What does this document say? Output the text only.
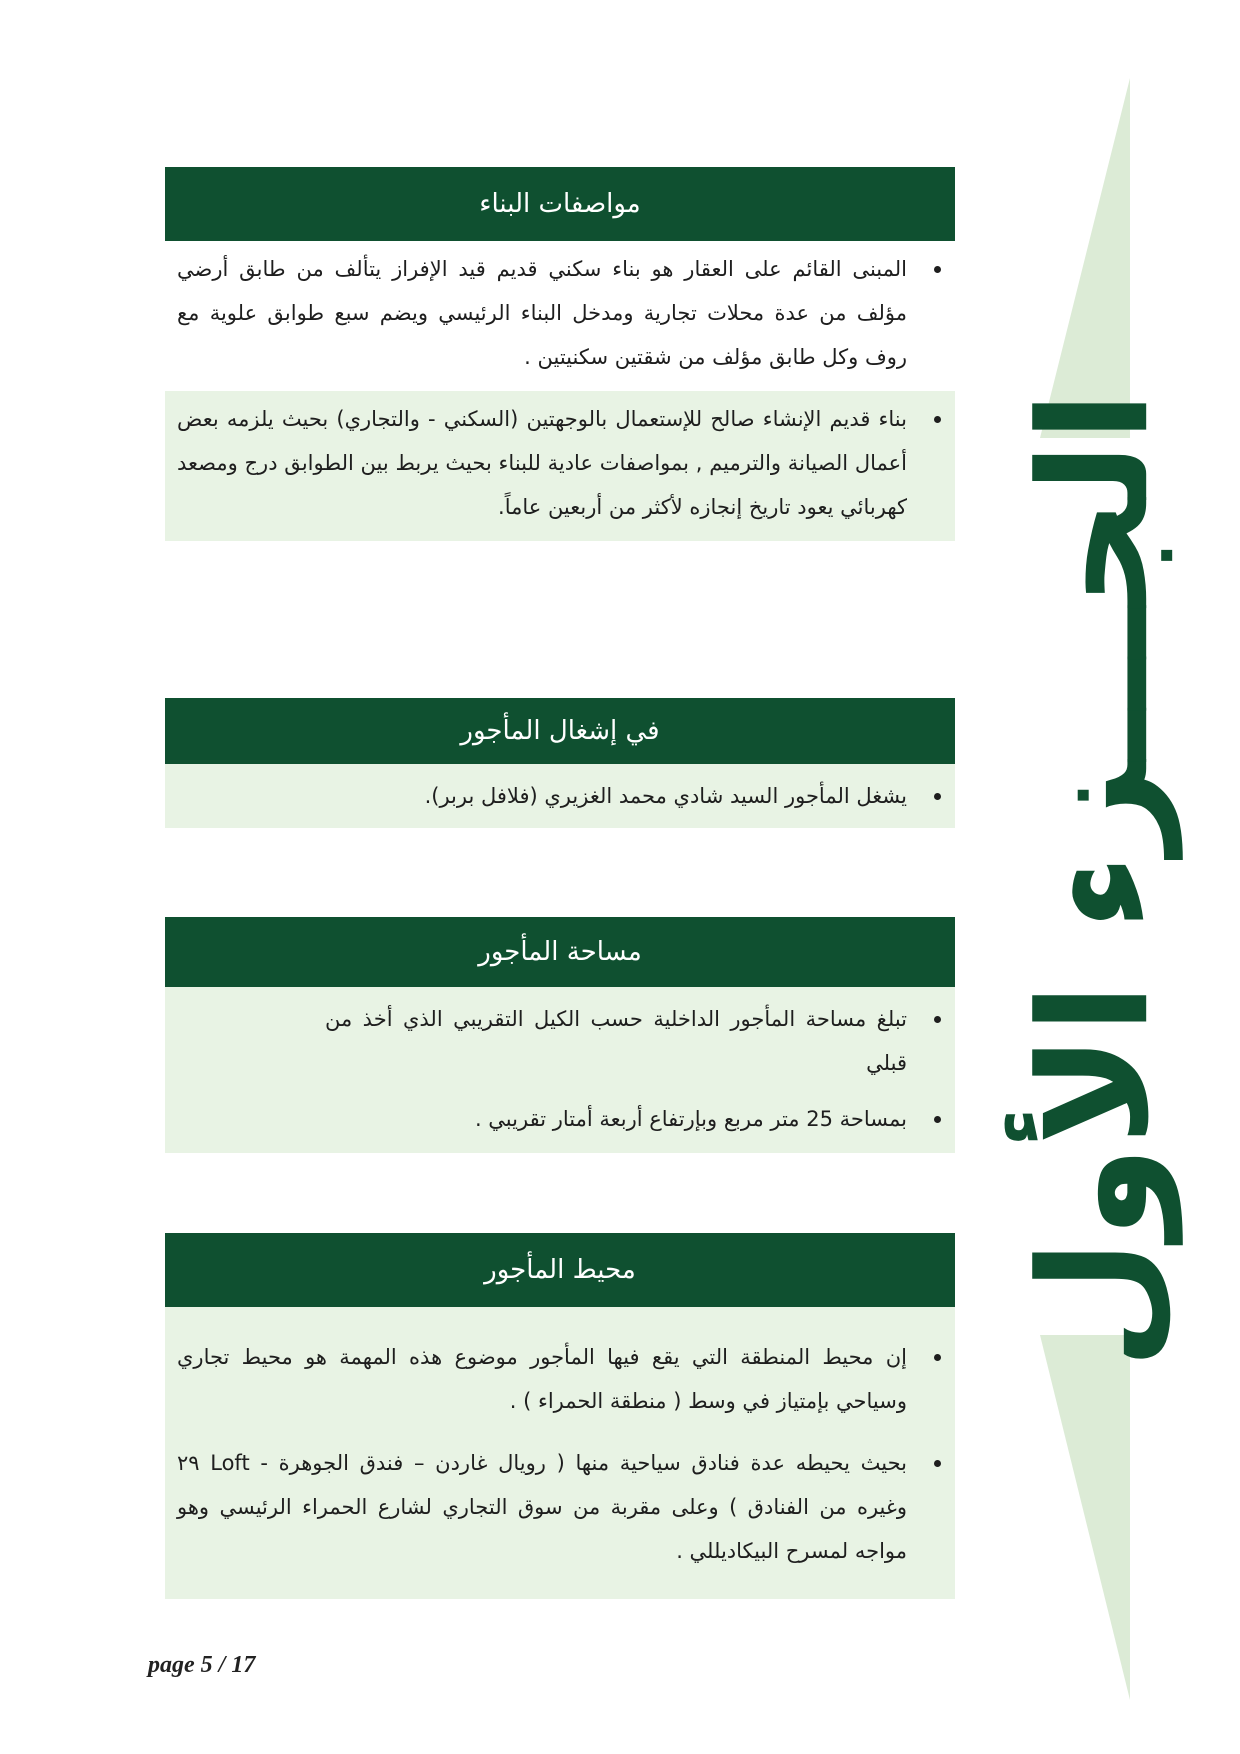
الجـــزء الأول
مواصفات البناء
المبنى القائم على العقار هو بناء سكني قديم قيد الإفراز يتألف من طابق أرضي مؤلف من عدة محلات تجارية ومدخل البناء الرئيسي ويضم سبع طوابق علوية مع روف وكل طابق مؤلف من شقتين سكنيتين .
بناء قديم الإنشاء صالح للإستعمال بالوجهتين (السكني - والتجاري) بحيث يلزمه بعض أعمال الصيانة والترميم , بمواصفات عادية للبناء بحيث يربط بين الطوابق درج ومصعد كهربائي يعود تاريخ إنجازه لأكثر من أربعين عاماً.
في إشغال المأجور
يشغل المأجور السيد شادي محمد الغزيري (فلافل بربر).
مساحة المأجور
تبلغ مساحة المأجور الداخلية حسب الكيل التقريبي الذي أخذ من قبلي
بمساحة 25 متر مربع وبإرتفاع أربعة أمتار تقريبي .
محيط المأجور
إن محيط المنطقة التي يقع فيها المأجور موضوع هذه المهمة هو محيط تجاري وسياحي بإمتياز في وسط ( منطقة الحمراء ) .
بحيث يحيطه عدة فنادق سياحية منها ( رويال غاردن – فندق الجوهرة - Loft ٢٩ وغيره من الفنادق ) وعلى مقربة من سوق التجاري لشارع الحمراء الرئيسي وهو مواجه لمسرح البيكاديللي .
page 5 / 17
